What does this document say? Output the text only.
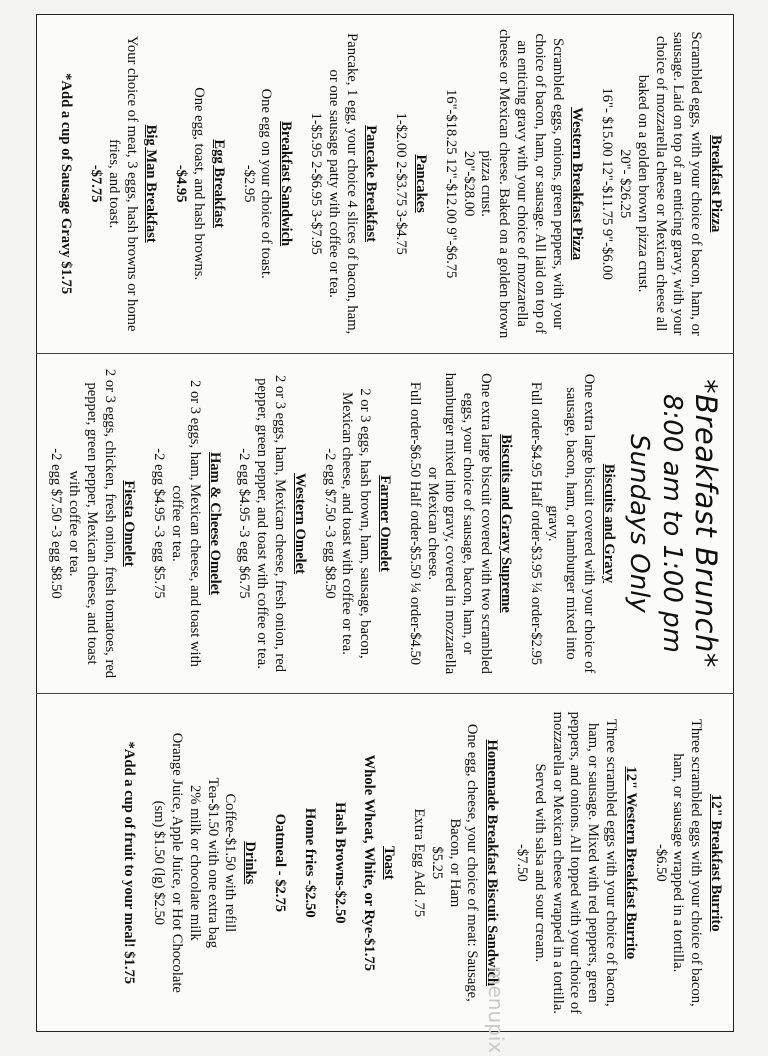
Breakfast Pizza
Scrambled eggs, with your choice of bacon, ham, or sausage. Laid on top of an enticing gravy, with your choice of mozzarella cheese or Mexican cheese all baked on a golden brown pizza crust.
20"- $26.25
16"- $15.00 12"-$11.75 9"-$6.00
Western Breakfast Pizza
Scrambled eggs, onions, green peppers, with your choice of bacon, ham, or sausage. All laid on top of an enticing gravy with your choice of mozzarella cheese or Mexican cheese. Baked on a golden brown pizza crust.
20"-$28.00
16"-$18.25 12"-$12.00 9"-$6.75
Pancakes
1-$2.00 2-$3.75 3-$4.75
Pancake Breakfast
Pancake, 1 egg, your choice 4 slices of bacon, ham, or one sausage patty with coffee or tea.
1-$5.95 2-$6.95 3-$7.95
Breakfast Sandwich
One egg on your choice of toast.
-$2.95
Egg Breakfast
One egg, toast, and hash browns.
-$4.95
Big Man Breakfast
Your choice of meat, 3 eggs, hash browns or home fries, and toast.
-$7.75
*Add a cup of Sausage Gravy $1.75
*Breakfast Brunch*
8:00 am to 1:00 pm
Sundays Only
Biscuits and Gravy
One extra large biscuit covered with your choice of sausage, bacon, ham, or hamburger mixed into gravy.
Full order-$4.95 Half order-$3.95 ¼ order-$2.95
Biscuits and Gravy Supreme
One extra large biscuit covered with two scrambled eggs, your choice of sausage, bacon, ham, or hamburger mixed into gravy, covered in mozzarella or Mexican cheese.
Full order-$6.50 Half order-$5.50 ¼ order-$4.50
Farmer Omelet
2 or 3 eggs, hash brown, ham, sausage, bacon, Mexican cheese, and toast with coffee or tea.
-2 egg $7.50 -3 egg $8.50
Western Omelet
2 or 3 eggs, ham, Mexican cheese, fresh onion, red pepper, green pepper, and toast with coffee or tea.
-2 egg $4.95 -3 egg $6.75
Ham & Cheese Omelet
2 or 3 eggs, ham, Mexican cheese, and toast with coffee or tea.
-2 egg $4.95 -3 egg $5.75
Fiesta Omelet
2 or 3 eggs, chicken, fresh onion, fresh tomatoes, red pepper, green pepper, Mexican cheese, and toast with coffee or tea.
-2 egg $7.50 -3 egg $8.50
12" Breakfast Burrito
Three scrambled eggs with your choice of bacon, ham, or sausage wrapped in a tortilla.
-$6.50
12" Western Breakfast Burrito
Three scrambled eggs with your choice of bacon, ham, or sausage. Mixed with red peppers, green peppers, and onions. All topped with your choice of mozzarella or Mexican cheese wrapped in a tortilla. Served with salsa and sour cream.
-$7.50
Homemade Breakfast Biscuit Sandwich
One egg, cheese, your choice of meat: Sausage, Bacon, or Ham
$5.25
Extra Egg Add .75
Toast
Whole Wheat, White, or Rye-$1.75
Hash Browns-$2.50
Home fries -$2.50
Oatmeal - $2.75
Drinks
Coffee-$1.50 with refill
Tea-$1.50 with one extra bag
2% milk or chocolate milk
Orange Juice, Apple Juice, or Hot Chocolate
(sm) $1.50 (lg) $2.50
*Add a cup of fruit to your meal! $1.75
menupix
